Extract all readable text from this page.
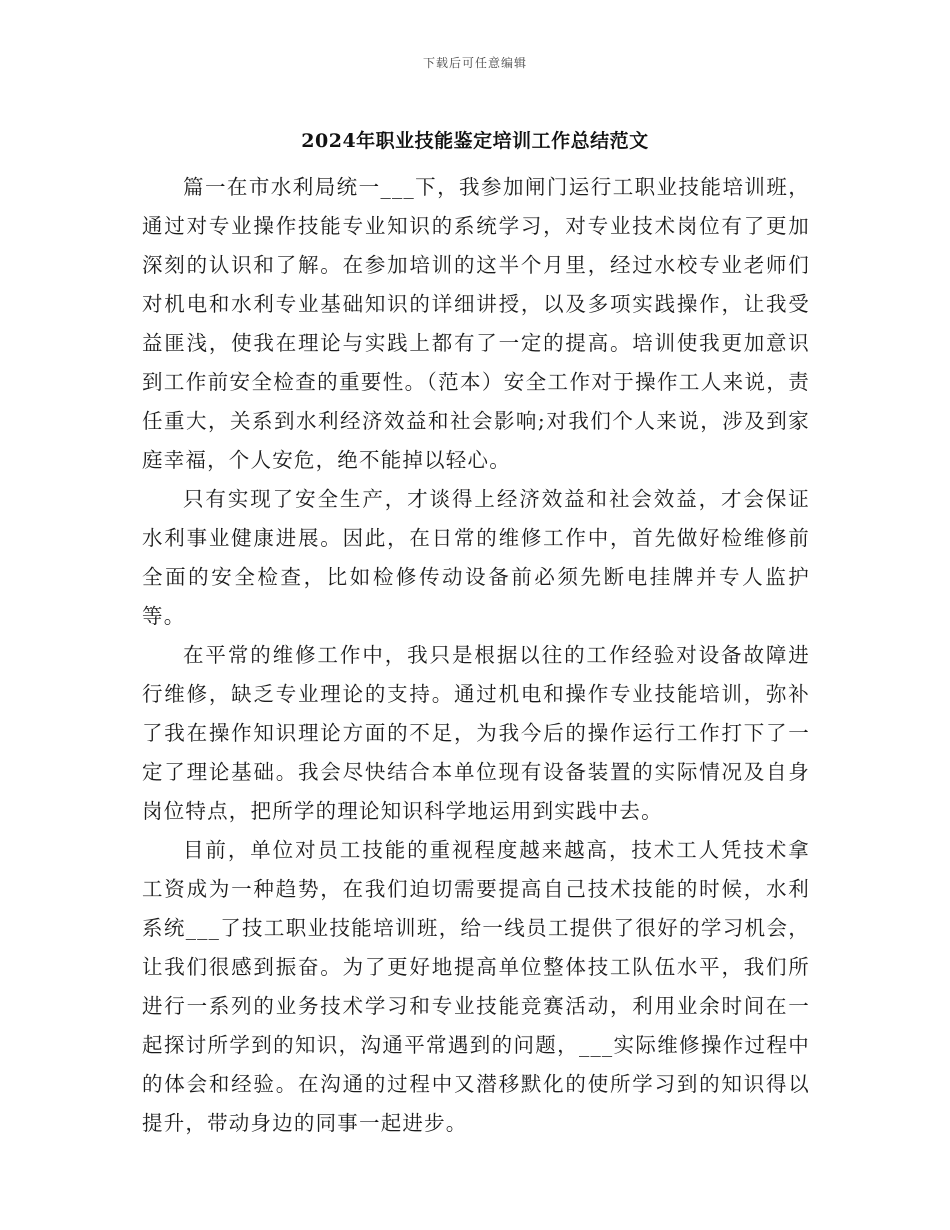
下载后可任意编辑
2024年职业技能鉴定培训工作总结范文

篇一在市水利局统一___下，我参加闸门运行工职业技能培训班，通过对专业操作技能专业知识的系统学习，对专业技术岗位有了更加深刻的认识和了解。在参加培训的这半个月里，经过水校专业老师们对机电和水利专业基础知识的详细讲授，以及多项实践操作，让我受益匪浅，使我在理论与实践上都有了一定的提高。培训使我更加意识到工作前安全检查的重要性。（范本）安全工作对于操作工人来说，责任重大，关系到水利经济效益和社会影响;对我们个人来说，涉及到家庭幸福，个人安危，绝不能掉以轻心。

只有实现了安全生产，才谈得上经济效益和社会效益，才会保证水利事业健康进展。因此，在日常的维修工作中，首先做好检维修前全面的安全检查，比如检修传动设备前必须先断电挂牌并专人监护等。

在平常的维修工作中，我只是根据以往的工作经验对设备故障进行维修，缺乏专业理论的支持。通过机电和操作专业技能培训，弥补了我在操作知识理论方面的不足，为我今后的操作运行工作打下了一定了理论基础。我会尽快结合本单位现有设备装置的实际情况及自身岗位特点，把所学的理论知识科学地运用到实践中去。

目前，单位对员工技能的重视程度越来越高，技术工人凭技术拿工资成为一种趋势，在我们迫切需要提高自己技术技能的时候，水利系统___了技工职业技能培训班，给一线员工提供了很好的学习机会，让我们很感到振奋。为了更好地提高单位整体技工队伍水平，我们所进行一系列的业务技术学习和专业技能竞赛活动，利用业余时间在一起探讨所学到的知识，沟通平常遇到的问题，___实际维修操作过程中的体会和经验。在沟通的过程中又潜移默化的使所学习到的知识得以提升，带动身边的同事一起进步。
